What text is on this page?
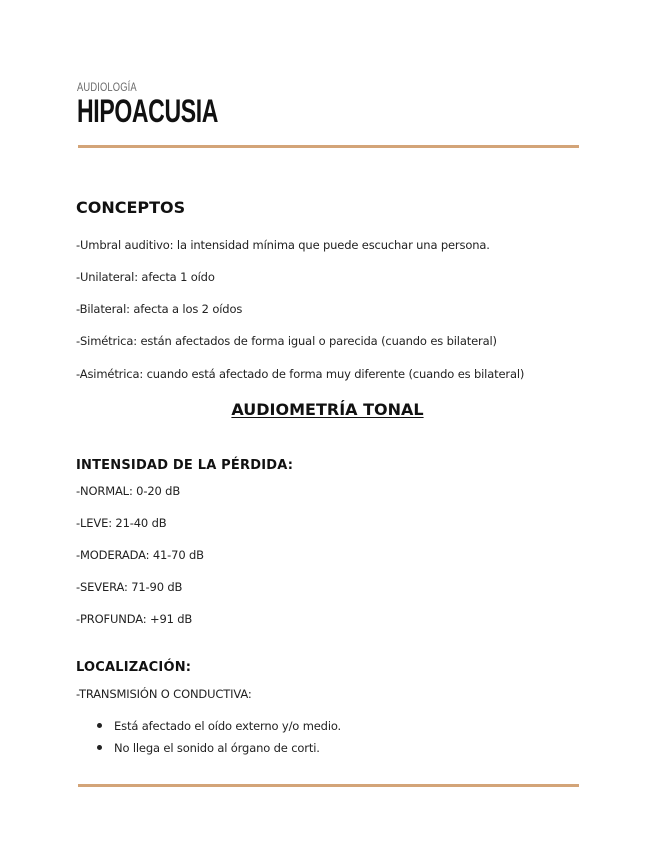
AUDIOLOGÍA
HIPOACUSIA
CONCEPTOS
-Umbral auditivo: la intensidad mínima que puede escuchar una persona.
-Unilateral: afecta 1 oído
-Bilateral: afecta a los 2 oídos
-Simétrica: están afectados de forma igual o parecida (cuando es bilateral)
-Asimétrica: cuando está afectado de forma muy diferente (cuando es bilateral)
AUDIOMETRÍA TONAL
INTENSIDAD DE LA PÉRDIDA:
-NORMAL: 0-20 dB
-LEVE: 21-40 dB
-MODERADA: 41-70 dB
-SEVERA: 71-90 dB
-PROFUNDA: +91 dB
LOCALIZACIÓN:
-TRANSMISIÓN O CONDUCTIVA:
Está afectado el oído externo y/o medio.
No llega el sonido al órgano de corti.
